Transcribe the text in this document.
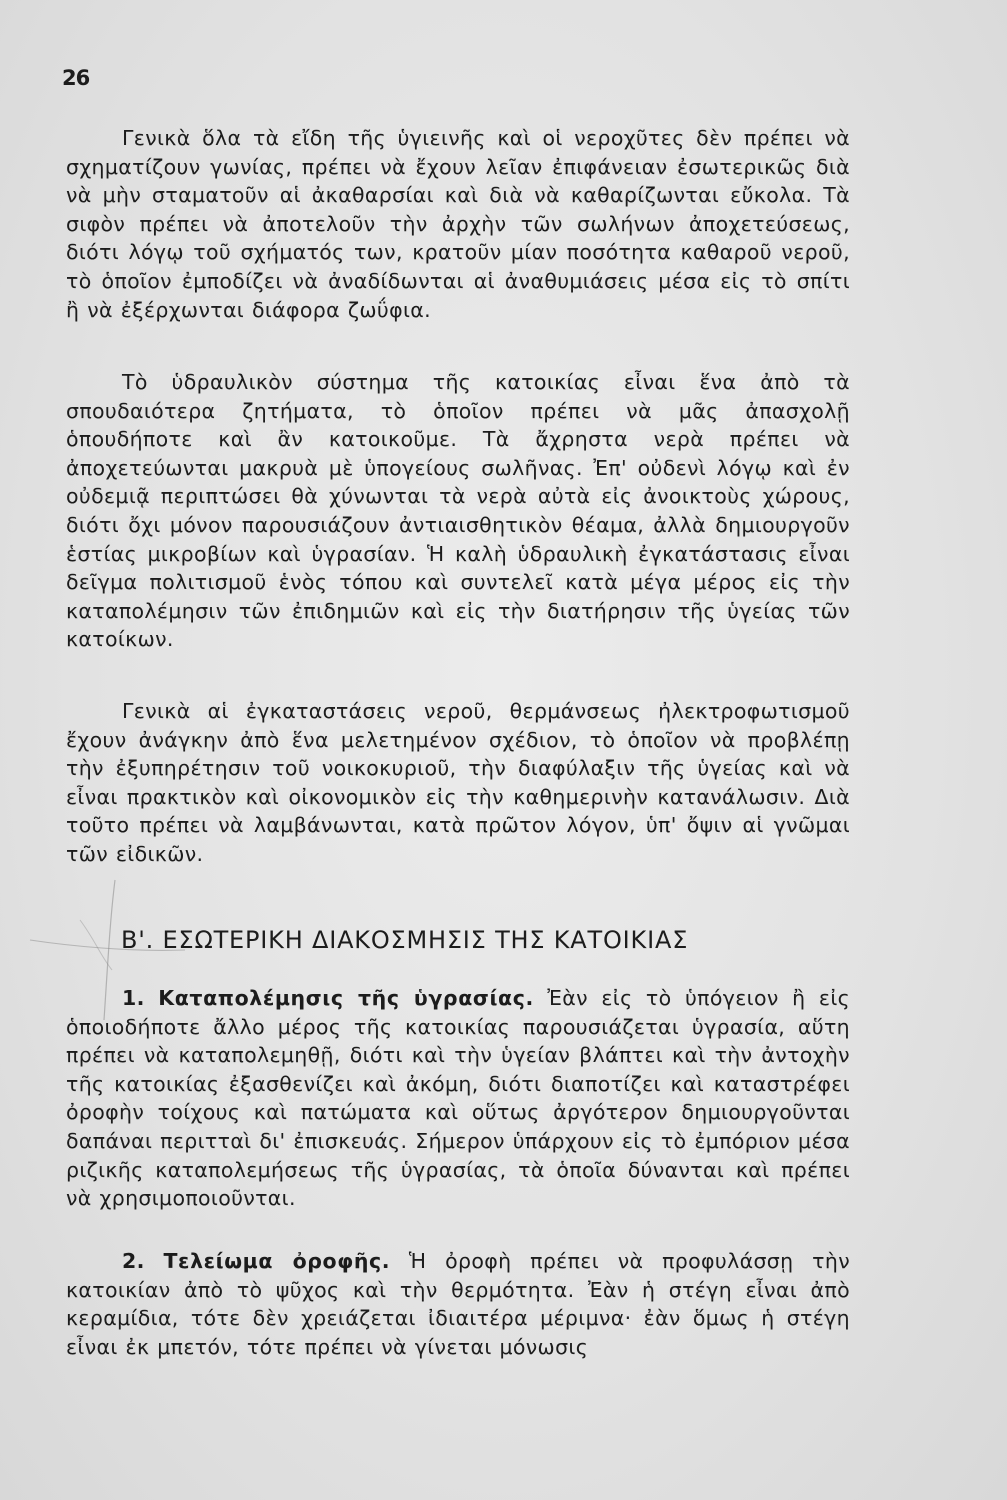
26

Γενικὰ ὅλα τὰ εἴδη τῆς ὑγιεινῆς καὶ οἱ νεροχῦτες δὲν πρέπει νὰ σχηματίζουν γωνίας, πρέπει νὰ ἔχουν λεῖαν ἐπιφάνειαν ἐσωτερικῶς διὰ νὰ μὴν σταματοῦν αἱ ἀκαθαρσίαι καὶ διὰ νὰ καθαρίζωνται εὔκολα. Τὰ σιφὸν πρέπει νὰ ἀποτελοῦν τὴν ἀρχὴν τῶν σωλήνων ἀποχετεύσεως, διότι λόγῳ τοῦ σχήματός των, κρατοῦν μίαν ποσότητα καθαροῦ νεροῦ, τὸ ὁποῖον ἐμποδίζει νὰ ἀναδίδωνται αἱ ἀναθυμιάσεις μέσα εἰς τὸ σπίτι ἢ νὰ ἐξέρχωνται διάφορα ζωΰφια.

Τὸ ὑδραυλικὸν σύστημα τῆς κατοικίας εἶναι ἕνα ἀπὸ τὰ σπουδαιότερα ζητήματα, τὸ ὁποῖον πρέπει νὰ μᾶς ἀπασχολῇ ὁπουδήποτε καὶ ἂν κατοικοῦμε. Τὰ ἄχρηστα νερὰ πρέπει νὰ ἀποχετεύωνται μακρυὰ μὲ ὑπογείους σωλῆνας. Ἐπ' οὐδενὶ λόγῳ καὶ ἐν οὐδεμιᾷ περιπτώσει θὰ χύνωνται τὰ νερὰ αὐτὰ εἰς ἀνοικτοὺς χώρους, διότι ὄχι μόνον παρουσιάζουν ἀντιαισθητικὸν θέαμα, ἀλλὰ δημιουργοῦν ἑστίας μικροβίων καὶ ὑγρασίαν. Ἡ καλὴ ὑδραυλικὴ ἐγκατάστασις εἶναι δεῖγμα πολιτισμοῦ ἑνὸς τόπου καὶ συντελεῖ κατὰ μέγα μέρος εἰς τὴν καταπολέμησιν τῶν ἐπιδημιῶν καὶ εἰς τὴν διατήρησιν τῆς ὑγείας τῶν κατοίκων.

Γενικὰ αἱ ἐγκαταστάσεις νεροῦ, θερμάνσεως ἠλεκτροφωτισμοῦ ἔχουν ἀνάγκην ἀπὸ ἕνα μελετημένον σχέδιον, τὸ ὁποῖον νὰ προβλέπῃ τὴν ἐξυπηρέτησιν τοῦ νοικοκυριοῦ, τὴν διαφύλαξιν τῆς ὑγείας καὶ νὰ εἶναι πρακτικὸν καὶ οἰκονομικὸν εἰς τὴν καθημερινὴν κατανάλωσιν. Διὰ τοῦτο πρέπει νὰ λαμβάνωνται, κατὰ πρῶτον λόγον, ὑπ' ὄψιν αἱ γνῶμαι τῶν εἰδικῶν.

Β'. ΕΣΩΤΕΡΙΚΗ ΔΙΑΚΟΣΜΗΣΙΣ ΤΗΣ ΚΑΤΟΙΚΙΑΣ

1. Καταπολέμησις τῆς ὑγρασίας. Ἐὰν εἰς τὸ ὑπόγειον ἢ εἰς ὁποιοδήποτε ἄλλο μέρος τῆς κατοικίας παρουσιάζεται ὑγρασία, αὕτη πρέπει νὰ καταπολεμηθῇ, διότι καὶ τὴν ὑγείαν βλάπτει καὶ τὴν ἀντοχὴν τῆς κατοικίας ἐξασθενίζει καὶ ἀκόμη, διότι διαποτίζει καὶ καταστρέφει ὀροφὴν τοίχους καὶ πατώματα καὶ οὕτως ἀργότερον δημιουργοῦνται δαπάναι περιτταὶ δι' ἐπισκευάς. Σήμερον ὑπάρχουν εἰς τὸ ἐμπόριον μέσα ριζικῆς καταπολεμήσεως τῆς ὑγρασίας, τὰ ὁποῖα δύνανται καὶ πρέπει νὰ χρησιμοποιοῦνται.

2. Τελείωμα ὀροφῆς. Ἡ ὀροφὴ πρέπει νὰ προφυλάσσῃ τὴν κατοικίαν ἀπὸ τὸ ψῦχος καὶ τὴν θερμότητα. Ἐὰν ἡ στέγη εἶναι ἀπὸ κεραμίδια, τότε δὲν χρειάζεται ἰδιαιτέρα μέριμνα· ἐὰν ὅμως ἡ στέγη εἶναι ἐκ μπετόν, τότε πρέπει νὰ γίνεται μόνωσις
